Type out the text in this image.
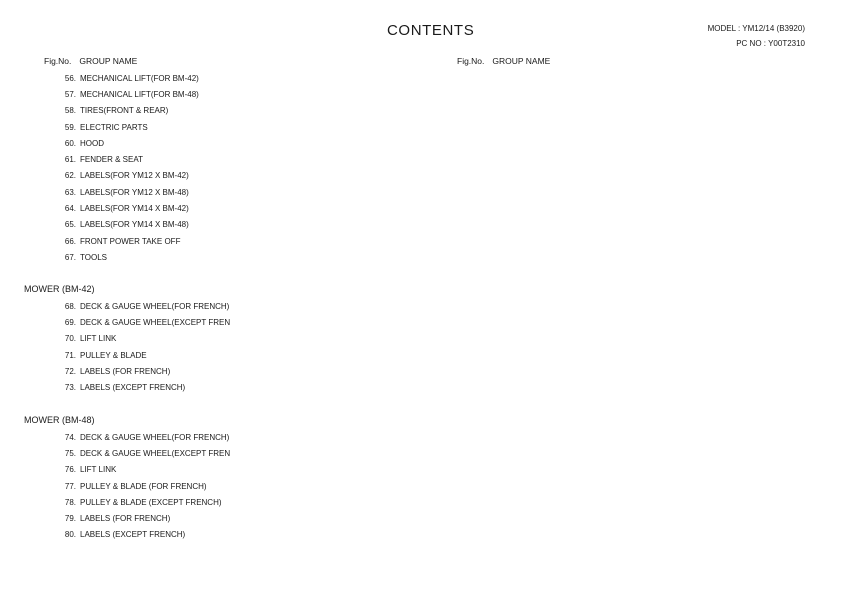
CONTENTS	MODEL : YM12/14 (B3920)
PC NO : Y00T2310
Fig.No. GROUP NAME	Fig.No. GROUP NAME
MOWER (BM-42)
MOWER (BM-48)
56. MECHANICAL LIFT(FOR BM-42)
57. MECHANICAL LIFT(FOR BM-48)
58. TIRES(FRONT & REAR)
59. ELECTRIC PARTS
60. HOOD
61. FENDER & SEAT
62. LABELS(FOR YM12 X BM-42)
63. LABELS(FOR YM12 X BM-48)
64. LABELS(FOR YM14 X BM-42)
65. LABELS(FOR YM14 X BM-48)
66. FRONT POWER TAKE OFF
67. TOOLS
68. DECK & GAUGE WHEEL(FOR FRENCH)
69. DECK & GAUGE WHEEL(EXCEPT FREN
70. LIFT LINK
71. PULLEY & BLADE
72. LABELS (FOR FRENCH)
73. LABELS (EXCEPT FRENCH)
74. DECK & GAUGE WHEEL(FOR FRENCH)
75. DECK & GAUGE WHEEL(EXCEPT FREN
76. LIFT LINK
77. PULLEY & BLADE (FOR FRENCH)
78. PULLEY & BLADE (EXCEPT FRENCH)
79. LABELS (FOR FRENCH)
80. LABELS (EXCEPT FRENCH)
